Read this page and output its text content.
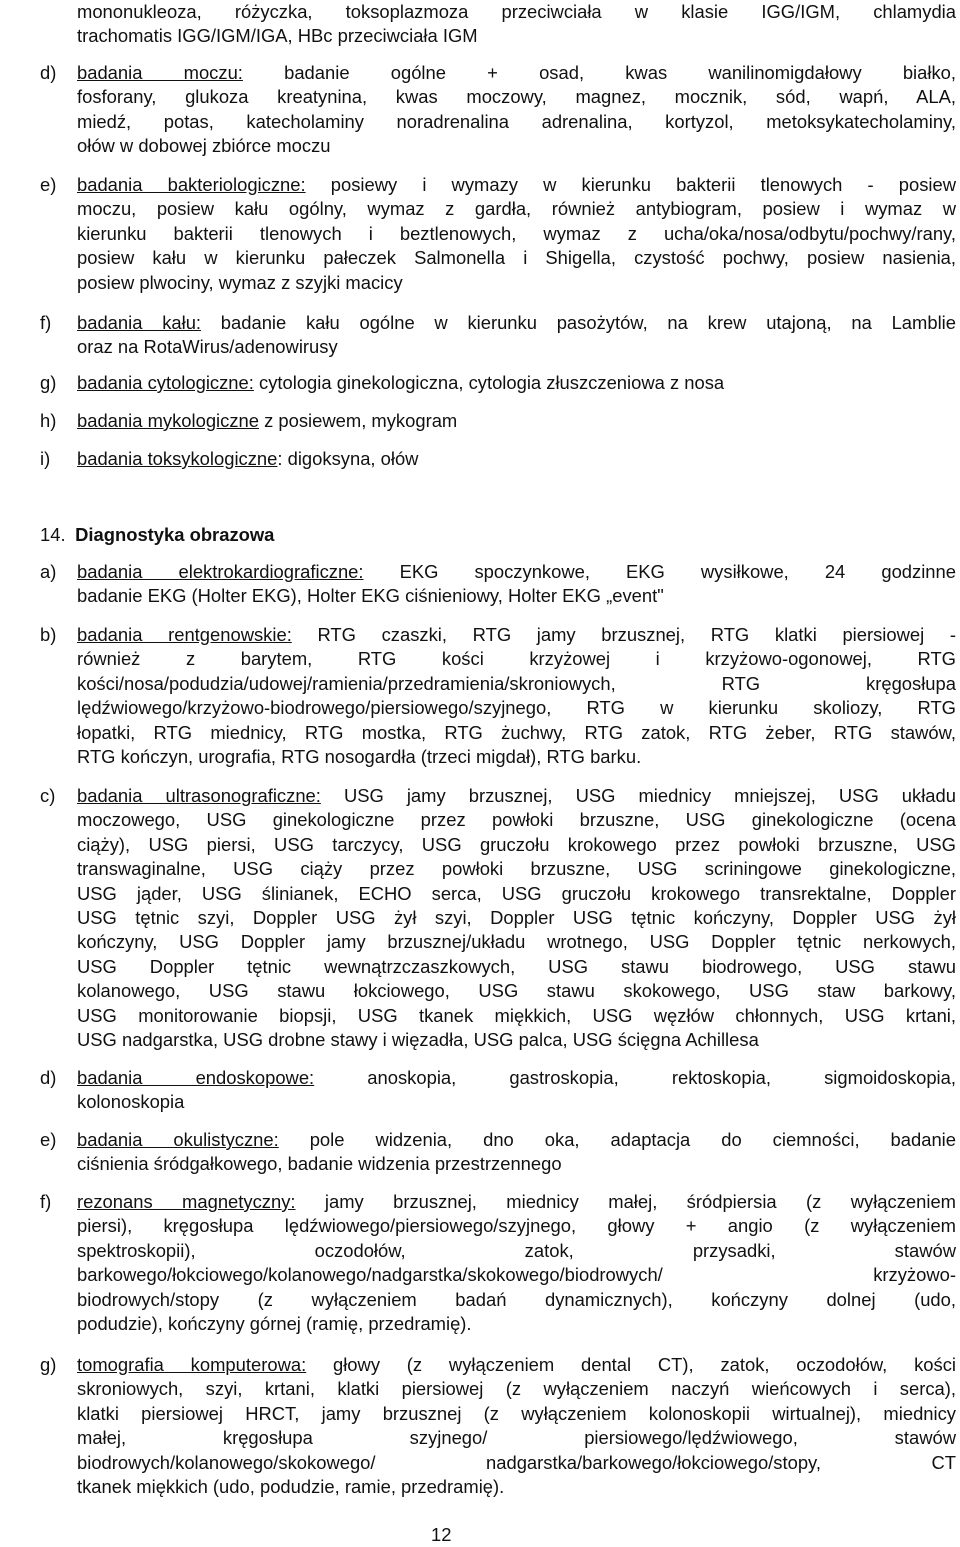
mononukleoza, różyczka, toksoplazmoza przeciwciała w klasie IGG/IGM, chlamydia
trachomatis IGG/IGM/IGA, HBc przeciwciała IGM
d) badania moczu: badanie ogólne + osad, kwas wanilinomigdałowy białko,
fosforany, glukoza kreatynina, kwas moczowy, magnez, mocznik, sód, wapń, ALA,
miedź, potas, katecholaminy noradrenalina adrenalina, kortyzol, metoksykatecholaminy,
ołów w dobowej zbiórce moczu
e) badania bakteriologiczne: posiewy i wymazy w kierunku bakterii tlenowych - posiew
moczu, posiew kału ogólny, wymaz z gardła, również antybiogram, posiew i wymaz w
kierunku bakterii tlenowych i beztlenowych, wymaz z ucha/oka/nosa/odbytu/pochwy/rany,
posiew kału w kierunku pałeczek Salmonella i Shigella, czystość pochwy, posiew nasienia,
posiew plwociny, wymaz z szyjki macicy
f) badania kału: badanie kału ogólne w kierunku pasożytów, na krew utajoną, na Lamblie
oraz na RotaWirus/adenowirusy
g) badania cytologiczne: cytologia ginekologiczna, cytologia złuszczeniowa z nosa
h) badania mykologiczne z posiewem, mykogram
i) badania toksykologiczne: digoksyna, ołów
14. Diagnostyka obrazowa
a) badania elektrokardiograficzne: EKG spoczynkowe, EKG wysiłkowe, 24 godzinne
badanie EKG (Holter EKG), Holter EKG ciśnieniowy, Holter EKG „event"
b) badania rentgenowskie: RTG czaszki, RTG jamy brzusznej, RTG klatki piersiowej -
również z barytem, RTG kości krzyżowej i krzyżowo-ogonowej, RTG
kości/nosa/podudzia/udowej/ramienia/przedramienia/skroniowych, RTG kręgosłupa
lędźwiowego/krzyżowo-biodrowego/piersiowego/szyjnego, RTG w kierunku skoliozy, RTG
łopatki, RTG miednicy, RTG mostka, RTG żuchwy, RTG zatok, RTG żeber, RTG stawów,
RTG kończyn, urografia, RTG nosogardła (trzeci migdał), RTG barku.
c) badania ultrasonograficzne: USG jamy brzusznej, USG miednicy mniejszej, USG układu
moczowego, USG ginekologiczne przez powłoki brzuszne, USG ginekologiczne (ocena
ciąży), USG piersi, USG tarczycy, USG gruczołu krokowego przez powłoki brzuszne, USG
transwaginalne, USG ciąży przez powłoki brzuszne, USG scriningowe ginekologiczne,
USG jąder, USG ślinianek, ECHO serca, USG gruczołu krokowego transrektalne, Doppler
USG tętnic szyi, Doppler USG żył szyi, Doppler USG tętnic kończyny, Doppler USG żył
kończyny, USG Doppler jamy brzusznej/układu wrotnego, USG Doppler tętnic nerkowych,
USG Doppler tętnic wewnątrzczaszkowych, USG stawu biodrowego, USG stawu
kolanowego, USG stawu łokciowego, USG stawu skokowego, USG staw barkowy,
USG monitorowanie biopsji, USG tkanek miękkich, USG węzłów chłonnych, USG krtani,
USG nadgarstka, USG drobne stawy i więzadła, USG palca, USG ścięgna Achillesa
d) badania endoskopowe: anoskopia, gastroskopia, rektoskopia, sigmoidoskopia,
kolonoskopia
e) badania okulistyczne: pole widzenia, dno oka, adaptacja do ciemności, badanie
ciśnienia śródgałkowego, badanie widzenia przestrzennego
f) rezonans magnetyczny: jamy brzusznej, miednicy małej, śródpiersia (z wyłączeniem
piersi), kręgosłupa lędźwiowego/piersiowego/szyjnego, głowy + angio (z wyłączeniem
spektroskopii), oczodołów, zatok, przysadki, stawów
barkowego/łokciowego/kolanowego/nadgarstka/skokowego/biodrowych/ krzyżowo-
biodrowych/stopy (z wyłączeniem badań dynamicznych), kończyny dolnej (udo,
podudzie), kończyny górnej (ramię, przedramię).
g) tomografia komputerowa: głowy (z wyłączeniem dental CT), zatok, oczodołów, kości
skroniowych, szyi, krtani, klatki piersiowej (z wyłączeniem naczyń wieńcowych i serca),
klatki piersiowej HRCT, jamy brzusznej (z wyłączeniem kolonoskopii wirtualnej), miednicy
małej, kręgosłupa szyjnego/ piersiowego/lędźwiowego, stawów
biodrowych/kolanowego/skokowego/ nadgarstka/barkowego/łokciowego/stopy, CT
tkanek miękkich (udo, podudzie, ramie, przedramię).
12
